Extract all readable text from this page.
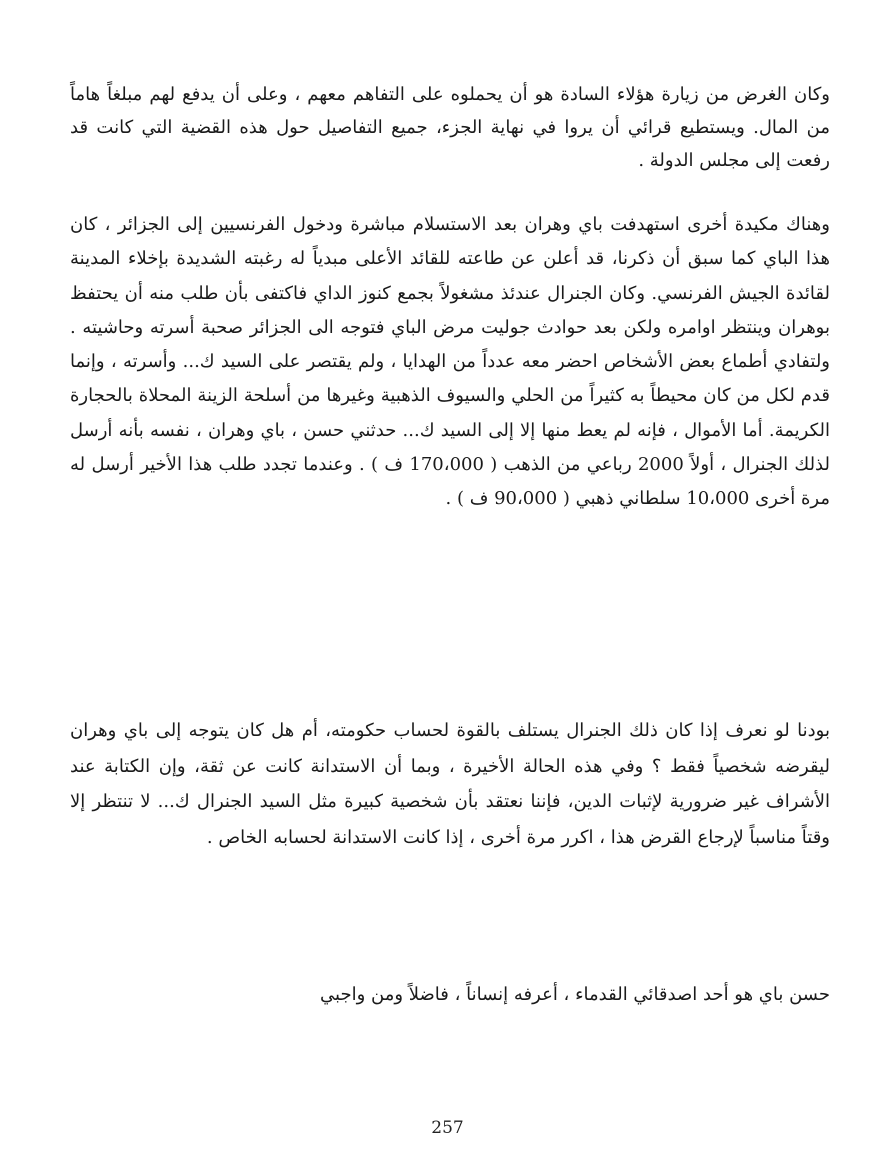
وكان الغرض من زيارة هؤلاء السادة هو أن يحملوه على التفاهم معهم ، وعلى أن يدفع لهم مبلغاً هاماً من المال. ويستطيع قرائي أن يروا في نهاية الجزء، جميع التفاصيل حول هذه القضية التي كانت قد رفعت إلى مجلس الدولة .

وهناك مكيدة أخرى استهدفت باي وهران بعد الاستسلام مباشرة ودخول الفرنسيين إلى الجزائر ، كان هذا الباي كما سبق أن ذكرنا، قد أعلن عن طاعته للقائد الأعلى مبدياً له رغبته الشديدة بإخلاء المدينة لقائدة الجيش الفرنسي. وكان الجنرال عندئذ مشغولاً بجمع كنوز الداي فاكتفى بأن طلب منه أن يحتفظ بوهران وينتظر اوامره ولكن بعد حوادث جوليت مرض الباي فتوجه الى الجزائر صحبة أسرته وحاشيته . ولتفادي أطماع بعض الأشخاص احضر معه عدداً من الهدايا ، ولم يقتصر على السيد ك... وأسرته ، وإنما قدم لكل من كان محيطاً به كثيراً من الحلي والسيوف الذهبية وغيرها من أسلحة الزينة المحلاة بالحجارة الكريمة. أما الأموال ، فإنه لم يعط منها إلا إلى السيد ك... حدثني حسن ، باي وهران ، نفسه بأنه أرسل لذلك الجنرال ، أولاً 2000 رباعي من الذهب ( 170،000 ف ) . وعندما تجدد طلب هذا الأخير أرسل له مرة أخرى 10،000 سلطاني ذهبي ( 90،000 ف ) .

بودنا لو نعرف إذا كان ذلك الجنرال يستلف بالقوة لحساب حكومته، أم هل كان يتوجه إلى باي وهران ليقرضه شخصياً فقط ؟ وفي هذه الحالة الأخيرة ، وبما أن الاستدانة كانت عن ثقة، وإن الكتابة عند الأشراف غير ضرورية لإثبات الدين، فإننا نعتقد بأن شخصية كبيرة مثل السيد الجنرال ك... لا تنتظر إلا وقتاً مناسباً لإرجاع القرض هذا ، اكرر مرة أخرى ، إذا كانت الاستدانة لحسابه الخاص .

حسن باي هو أحد اصدقائي القدماء ، أعرفه إنساناً ، فاضلاً ومن واجبي

257
